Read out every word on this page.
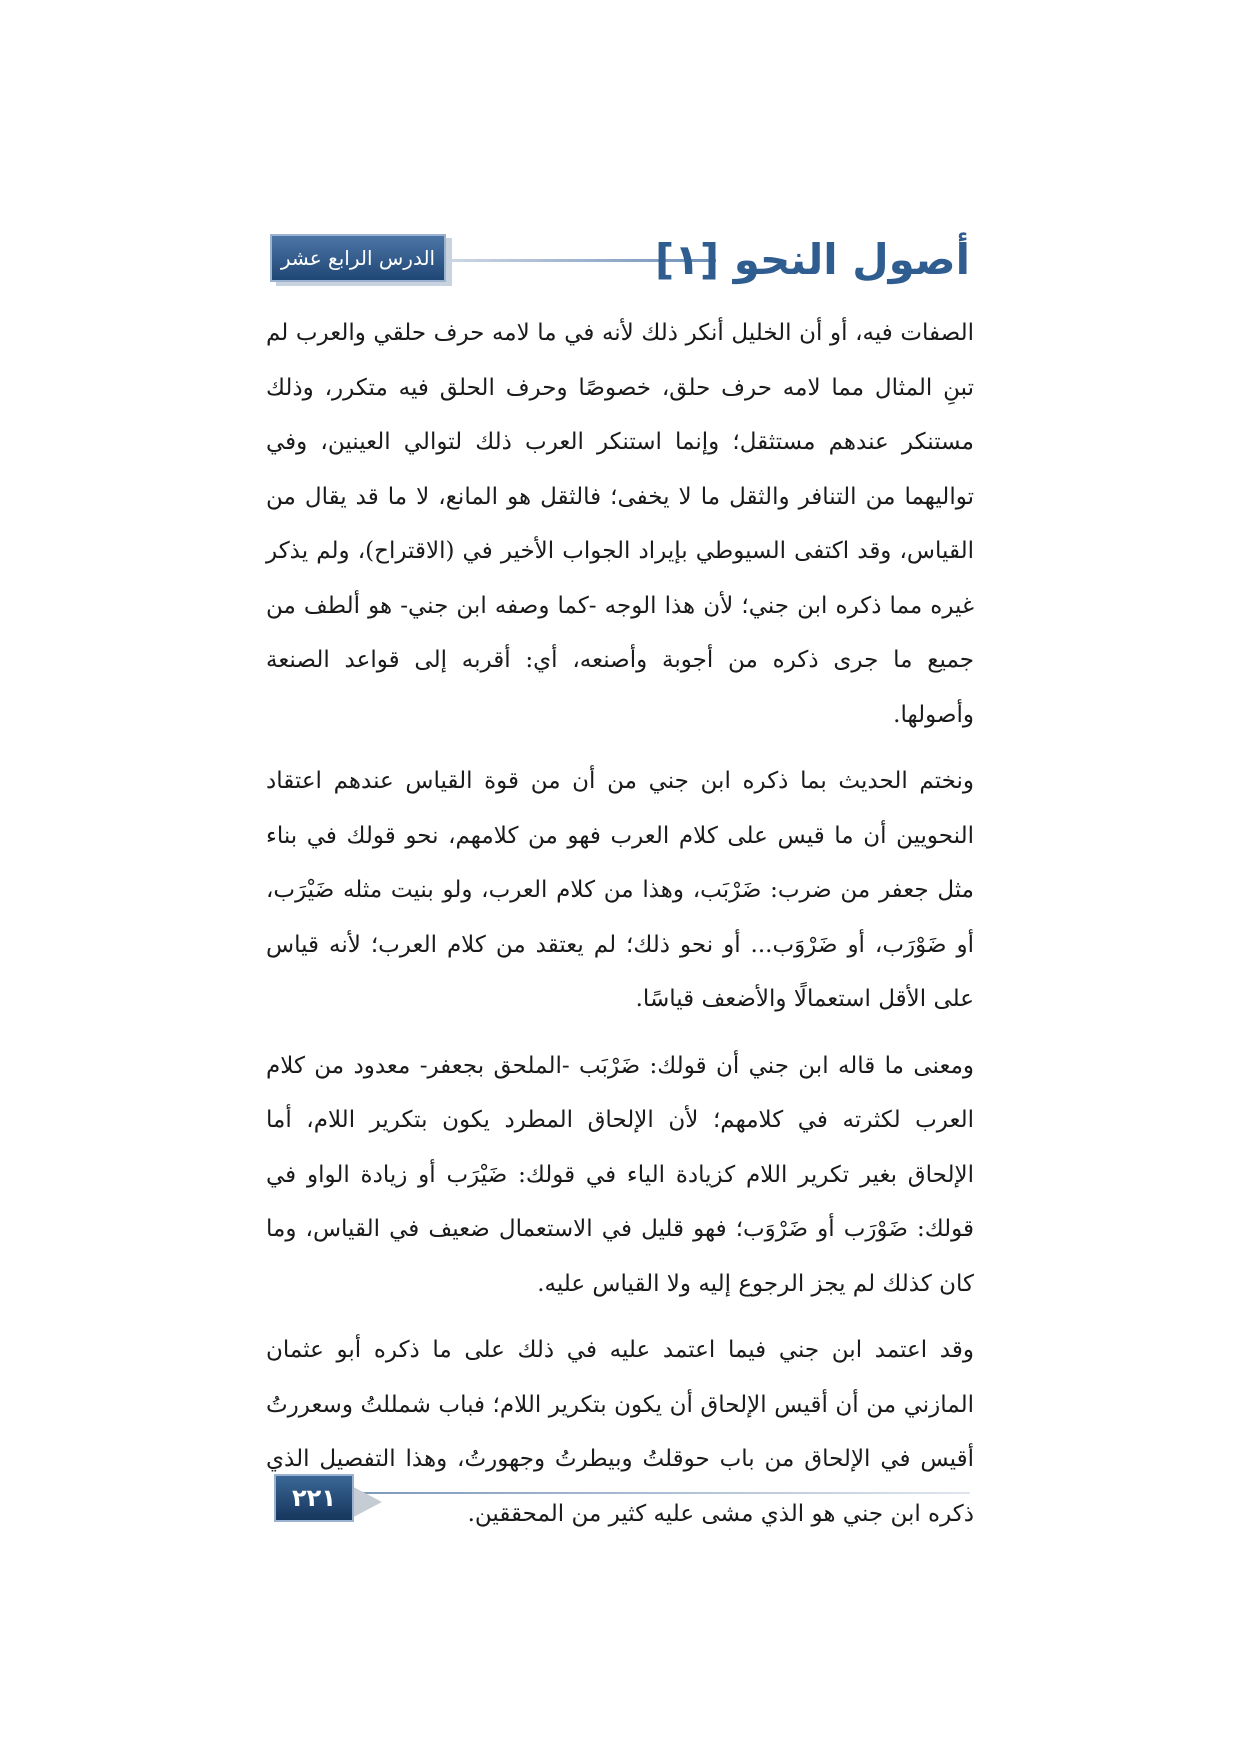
الدرس الرابع عشر	أصول النحو [١]

الصفات فيه، أو أن الخليل أنكر ذلك لأنه في ما لامه حرف حلقي والعرب لم تبنِ المثال مما لامه حرف حلق، خصوصًا وحرف الحلق فيه متكرر، وذلك مستنكر عندهم مستثقل؛ وإنما استنكر العرب ذلك لتوالي العينين، وفي تواليهما من التنافر والثقل ما لا يخفى؛ فالثقل هو المانع، لا ما قد يقال من القياس، وقد اكتفى السيوطي بإيراد الجواب الأخير في (الاقتراح)، ولم يذكر غيره مما ذكره ابن جني؛ لأن هذا الوجه -كما وصفه ابن جني- هو ألطف من جميع ما جرى ذكره من أجوبة وأصنعه، أي: أقربه إلى قواعد الصنعة وأصولها.

ونختم الحديث بما ذكره ابن جني من أن من قوة القياس عندهم اعتقاد النحويين أن ما قيس على كلام العرب فهو من كلامهم، نحو قولك في بناء مثل جعفر من ضرب: ضَرْبَب، وهذا من كلام العرب، ولو بنيت مثله ضَيْرَب، أو ضَوْرَب، أو ضَرْوَب... أو نحو ذلك؛ لم يعتقد من كلام العرب؛ لأنه قياس على الأقل استعمالًا والأضعف قياسًا.

ومعنى ما قاله ابن جني أن قولك: ضَرْبَب -الملحق بجعفر- معدود من كلام العرب لكثرته في كلامهم؛ لأن الإلحاق المطرد يكون بتكرير اللام، أما الإلحاق بغير تكرير اللام كزيادة الياء في قولك: ضَيْرَب أو زيادة الواو في قولك: ضَوْرَب أو ضَرْوَب؛ فهو قليل في الاستعمال ضعيف في القياس، وما كان كذلك لم يجز الرجوع إليه ولا القياس عليه.

وقد اعتمد ابن جني فيما اعتمد عليه في ذلك على ما ذكره أبو عثمان المازني من أن أقيس الإلحاق أن يكون بتكرير اللام؛ فباب شمللتُ وسعررتُ أقيس في الإلحاق من باب حوقلتُ وبيطرتُ وجهورتُ، وهذا التفصيل الذي ذكره ابن جني هو الذي مشى عليه كثير من المحققين.

٢٢١
